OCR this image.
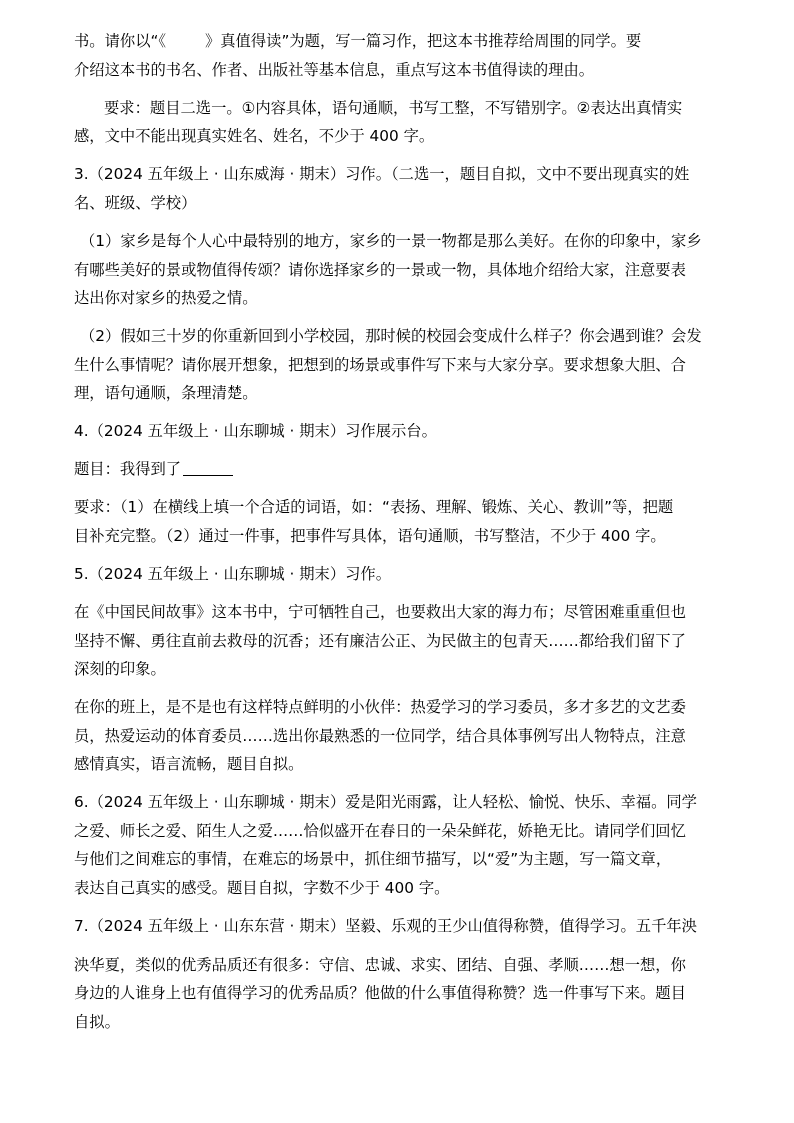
书。请你以“《        》真值得读”为题，写一篇习作，把这本书推荐给周围的同学。要
介绍这本书的书名、作者、出版社等基本信息，重点写这本书值得读的理由。
要求：题目二选一。①内容具体，语句通顺，书写工整，不写错别字。②表达出真情实
感，文中不能出现真实姓名、姓名，不少于 400 字。
3.（2024 五年级上 · 山东威海 · 期末）习作。（二选一，题目自拟，文中不要出现真实的姓
名、班级、学校）
（1）家乡是每个人心中最特别的地方，家乡的一景一物都是那么美好。在你的印象中，家乡
有哪些美好的景或物值得传颂？请你选择家乡的一景或一物，具体地介绍给大家，注意要表
达出你对家乡的热爱之情。
（2）假如三十岁的你重新回到小学校园，那时候的校园会变成什么样子？你会遇到谁？会发
生什么事情呢？请你展开想象，把想到的场景或事件写下来与大家分享。要求想象大胆、合
理，语句通顺，条理清楚。
4.（2024 五年级上 · 山东聊城 · 期末）习作展示台。
题目：我得到了
要求：（1）在横线上填一个合适的词语，如：“表扬、理解、锻炼、关心、教训”等，把题
目补充完整。（2）通过一件事，把事件写具体，语句通顺，书写整洁，不少于 400 字。
5.（2024 五年级上 · 山东聊城 · 期末）习作。
在《中国民间故事》这本书中，宁可牺牲自己，也要救出大家的海力布；尽管困难重重但也
坚持不懈、勇往直前去救母的沉香；还有廉洁公正、为民做主的包青天……都给我们留下了
深刻的印象。
在你的班上，是不是也有这样特点鲜明的小伙伴：热爱学习的学习委员，多才多艺的文艺委
员，热爱运动的体育委员……选出你最熟悉的一位同学，结合具体事例写出人物特点，注意
感情真实，语言流畅，题目自拟。
6.（2024 五年级上 · 山东聊城 · 期末）爱是阳光雨露，让人轻松、愉悦、快乐、幸福。同学
之爱、师长之爱、陌生人之爱……恰似盛开在春日的一朵朵鲜花，娇艳无比。请同学们回忆
与他们之间难忘的事情，在难忘的场景中，抓住细节描写，以“爱”为主题，写一篇文章，
表达自己真实的感受。题目自拟，字数不少于 400 字。
7.（2024 五年级上 · 山东东营 · 期末）坚毅、乐观的王少山值得称赞，值得学习。五千年泱
泱华夏，类似的优秀品质还有很多：守信、忠诚、求实、团结、自强、孝顺……想一想，你
身边的人谁身上也有值得学习的优秀品质？他做的什么事值得称赞？选一件事写下来。题目
自拟。
